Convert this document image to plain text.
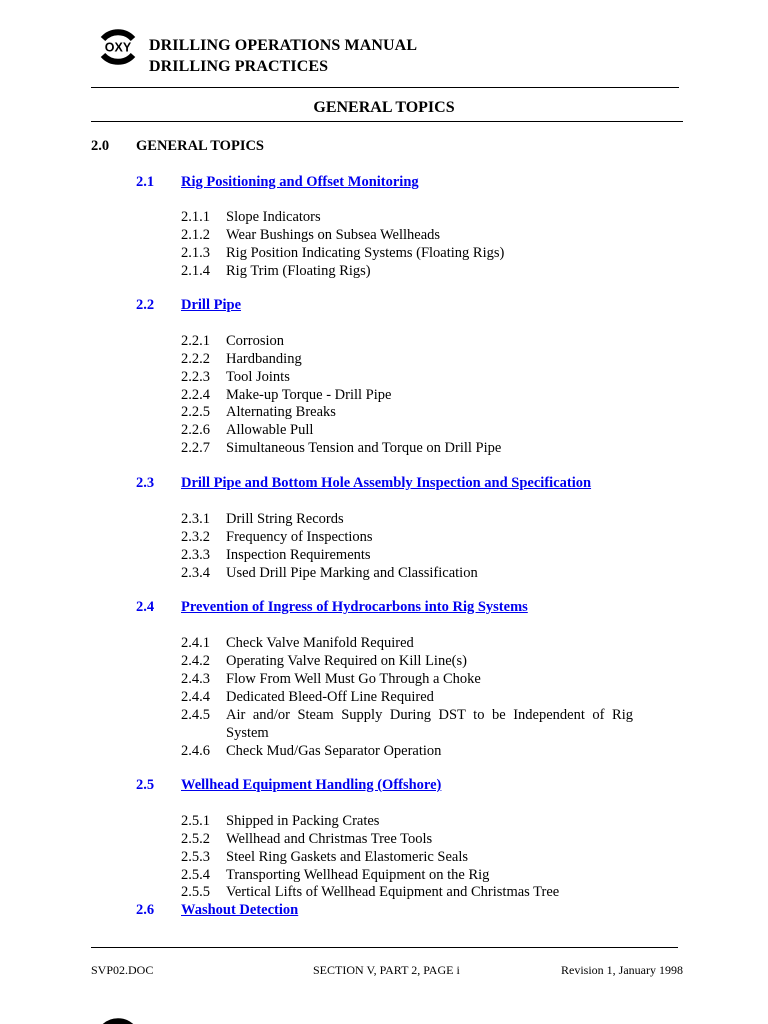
OXY DRILLING OPERATIONS MANUAL
DRILLING PRACTICES
GENERAL TOPICS
2.0 GENERAL TOPICS
2.1 Rig Positioning and Offset Monitoring
2.1.1 Slope Indicators
2.1.2 Wear Bushings on Subsea Wellheads
2.1.3 Rig Position Indicating Systems (Floating Rigs)
2.1.4 Rig Trim (Floating Rigs)
2.2 Drill Pipe
2.2.1 Corrosion
2.2.2 Hardbanding
2.2.3 Tool Joints
2.2.4 Make-up Torque - Drill Pipe
2.2.5 Alternating Breaks
2.2.6 Allowable Pull
2.2.7 Simultaneous Tension and Torque on Drill Pipe
2.3 Drill Pipe and Bottom Hole Assembly Inspection and Specification
2.3.1 Drill String Records
2.3.2 Frequency of Inspections
2.3.3 Inspection Requirements
2.3.4 Used Drill Pipe Marking and Classification
2.4 Prevention of Ingress of Hydrocarbons into Rig Systems
2.4.1 Check Valve Manifold Required
2.4.2 Operating Valve Required on Kill Line(s)
2.4.3 Flow From Well Must Go Through a Choke
2.4.4 Dedicated Bleed-Off Line Required
2.4.5 Air and/or Steam Supply During DST to be Independent of Rig System
2.4.6 Check Mud/Gas Separator Operation
2.5 Wellhead Equipment Handling (Offshore)
2.5.1 Shipped in Packing Crates
2.5.2 Wellhead and Christmas Tree Tools
2.5.3 Steel Ring Gaskets and Elastomeric Seals
2.5.4 Transporting Wellhead Equipment on the Rig
2.5.5 Vertical Lifts of Wellhead Equipment and Christmas Tree
2.6 Washout Detection
SVP02.DOC	SECTION V, PART 2, PAGE i	Revision 1, January 1998
